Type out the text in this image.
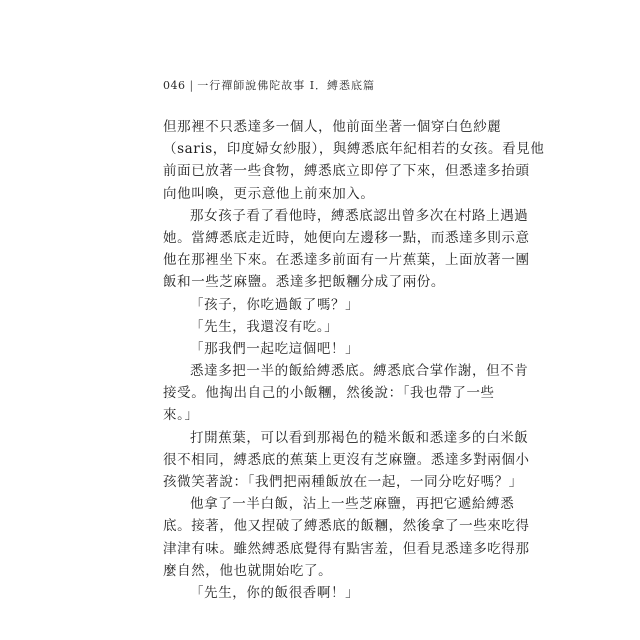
046 | 一行禪師說佛陀故事 I．縛悉底篇
但那裡不只悉達多一個人，他前面坐著一個穿白色紗麗
（saris，印度婦女紗服），與縛悉底年紀相若的女孩。看見他
前面已放著一些食物，縛悉底立即停了下來，但悉達多抬頭
向他叫喚，更示意他上前來加入。
那女孩子看了看他時，縛悉底認出曾多次在村路上遇過
她。當縛悉底走近時，她便向左邊移一點，而悉達多則示意
他在那裡坐下來。在悉達多前面有一片蕉葉，上面放著一團
飯和一些芝麻鹽。悉達多把飯糰分成了兩份。
「孩子，你吃過飯了嗎？」
「先生，我還沒有吃。」
「那我們一起吃這個吧！」
悉達多把一半的飯給縛悉底。縛悉底合掌作謝，但不肯
接受。他掏出自己的小飯糰，然後說：「我也帶了一些
來。」
打開蕉葉，可以看到那褐色的糙米飯和悉達多的白米飯
很不相同，縛悉底的蕉葉上更沒有芝麻鹽。悉達多對兩個小
孩微笑著說：「我們把兩種飯放在一起，一同分吃好嗎？」
他拿了一半白飯，沾上一些芝麻鹽，再把它遞給縛悉
底。接著，他又捏破了縛悉底的飯糰，然後拿了一些來吃得
津津有味。雖然縛悉底覺得有點害羞，但看見悉達多吃得那
麼自然，他也就開始吃了。
「先生，你的飯很香啊！」
